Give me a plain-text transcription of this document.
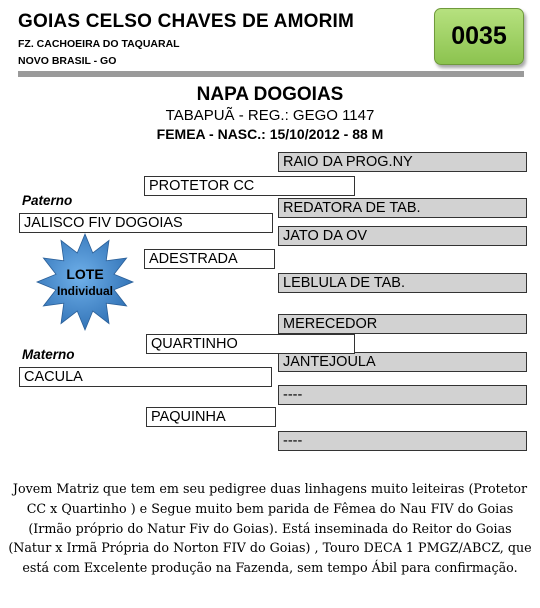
GOIAS CELSO CHAVES DE AMORIM
FZ. CACHOEIRA DO TAQUARAL
NOVO BRASIL - GO
0035
NAPA DOGOIAS
TABAPUÃ - REG.: GEGO 1147
FEMEA - NASC.: 15/10/2012 - 88 M
RAIO DA PROG.NY
REDATORA DE TAB.
JATO DA OV
LEBLULA DE TAB.
MERECEDOR
JANTEJOULA
----
----
PROTETOR CC
ADESTRADA
QUARTINHO
PAQUINHA
Paterno
JALISCO FIV DOGOIAS
Materno
CACULA
LOTE
Individual
Jovem Matriz que tem em seu pedigree duas linhagens muito leiteiras (Protetor CC x Quartinho ) e Segue muito bem parida de Fêmea do Nau FIV do Goias (Irmão próprio do Natur Fiv do Goias). Está inseminada do Reitor do Goias (Natur x Irmã Própria do Norton FIV do Goias) , Touro DECA 1 PMGZ/ABCZ, que está com Excelente produção na Fazenda, sem tempo Ábil para confirmação.
